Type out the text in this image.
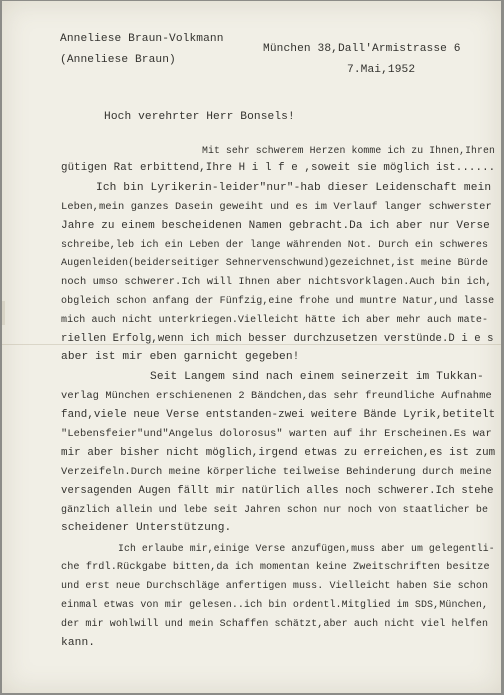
Anneliese Braun-Volkmann
(Anneliese Braun)
München 38,Dall'Armistrasse 6
7.Mai,1952
Hoch verehrter Herr Bonsels!
Mit sehr schwerem Herzen komme ich zu Ihnen,Ihren
gütigen Rat erbittend,Ihre H i l f e ,soweit sie möglich ist......
Ich bin Lyrikerin-leider"nur"-hab dieser Leidenschaft mein
Leben,mein ganzes Dasein geweiht und es im Verlauf langer schwerster
Jahre zu einem bescheidenen Namen gebracht.Da ich aber nur Verse
schreibe,leb ich ein Leben der lange währenden Not. Durch ein schweres
Augenleiden(beiderseitiger Sehnervenschwund)gezeichnet,ist meine Bürde
noch umso schwerer.Ich will Ihnen aber nichtsvorklagen.Auch bin ich,
obgleich schon anfang der Fünfzig,eine frohe und muntre Natur,und lasse
mich auch nicht unterkriegen.Vielleicht hätte ich aber mehr auch mate-
riellen Erfolg,wenn ich mich besser durchzusetzen verstünde.D i e s
aber ist mir eben garnicht gegeben!
Seit Langem sind nach einem seinerzeit im Tukkan-
verlag München erschienenen 2 Bändchen,das sehr freundliche Aufnahme
fand,viele neue Verse entstanden-zwei weitere Bände Lyrik,betitelt
"Lebensfeier"und"Angelus dolorosus" warten auf ihr Erscheinen.Es war
mir aber bisher nicht möglich,irgend etwas zu erreichen,es ist zum
Verzeifeln.Durch meine körperliche teilweise Behinderung durch meine
versagenden Augen fällt mir natürlich alles noch schwerer.Ich stehe
gänzlich allein und lebe seit Jahren schon nur noch von staatlicher be
scheidener Unterstützung.
Ich erlaube mir,einige Verse anzufügen,muss aber um gelegentli-
che frdl.Rückgabe bitten,da ich momentan keine Zweitschriften besitze
und erst neue Durchschläge anfertigen muss. Vielleicht haben Sie schon
einmal etwas von mir gelesen..ich bin ordentl.Mitglied im SDS,München,
der mir wohlwill und mein Schaffen schätzt,aber auch nicht viel helfen
kann.
